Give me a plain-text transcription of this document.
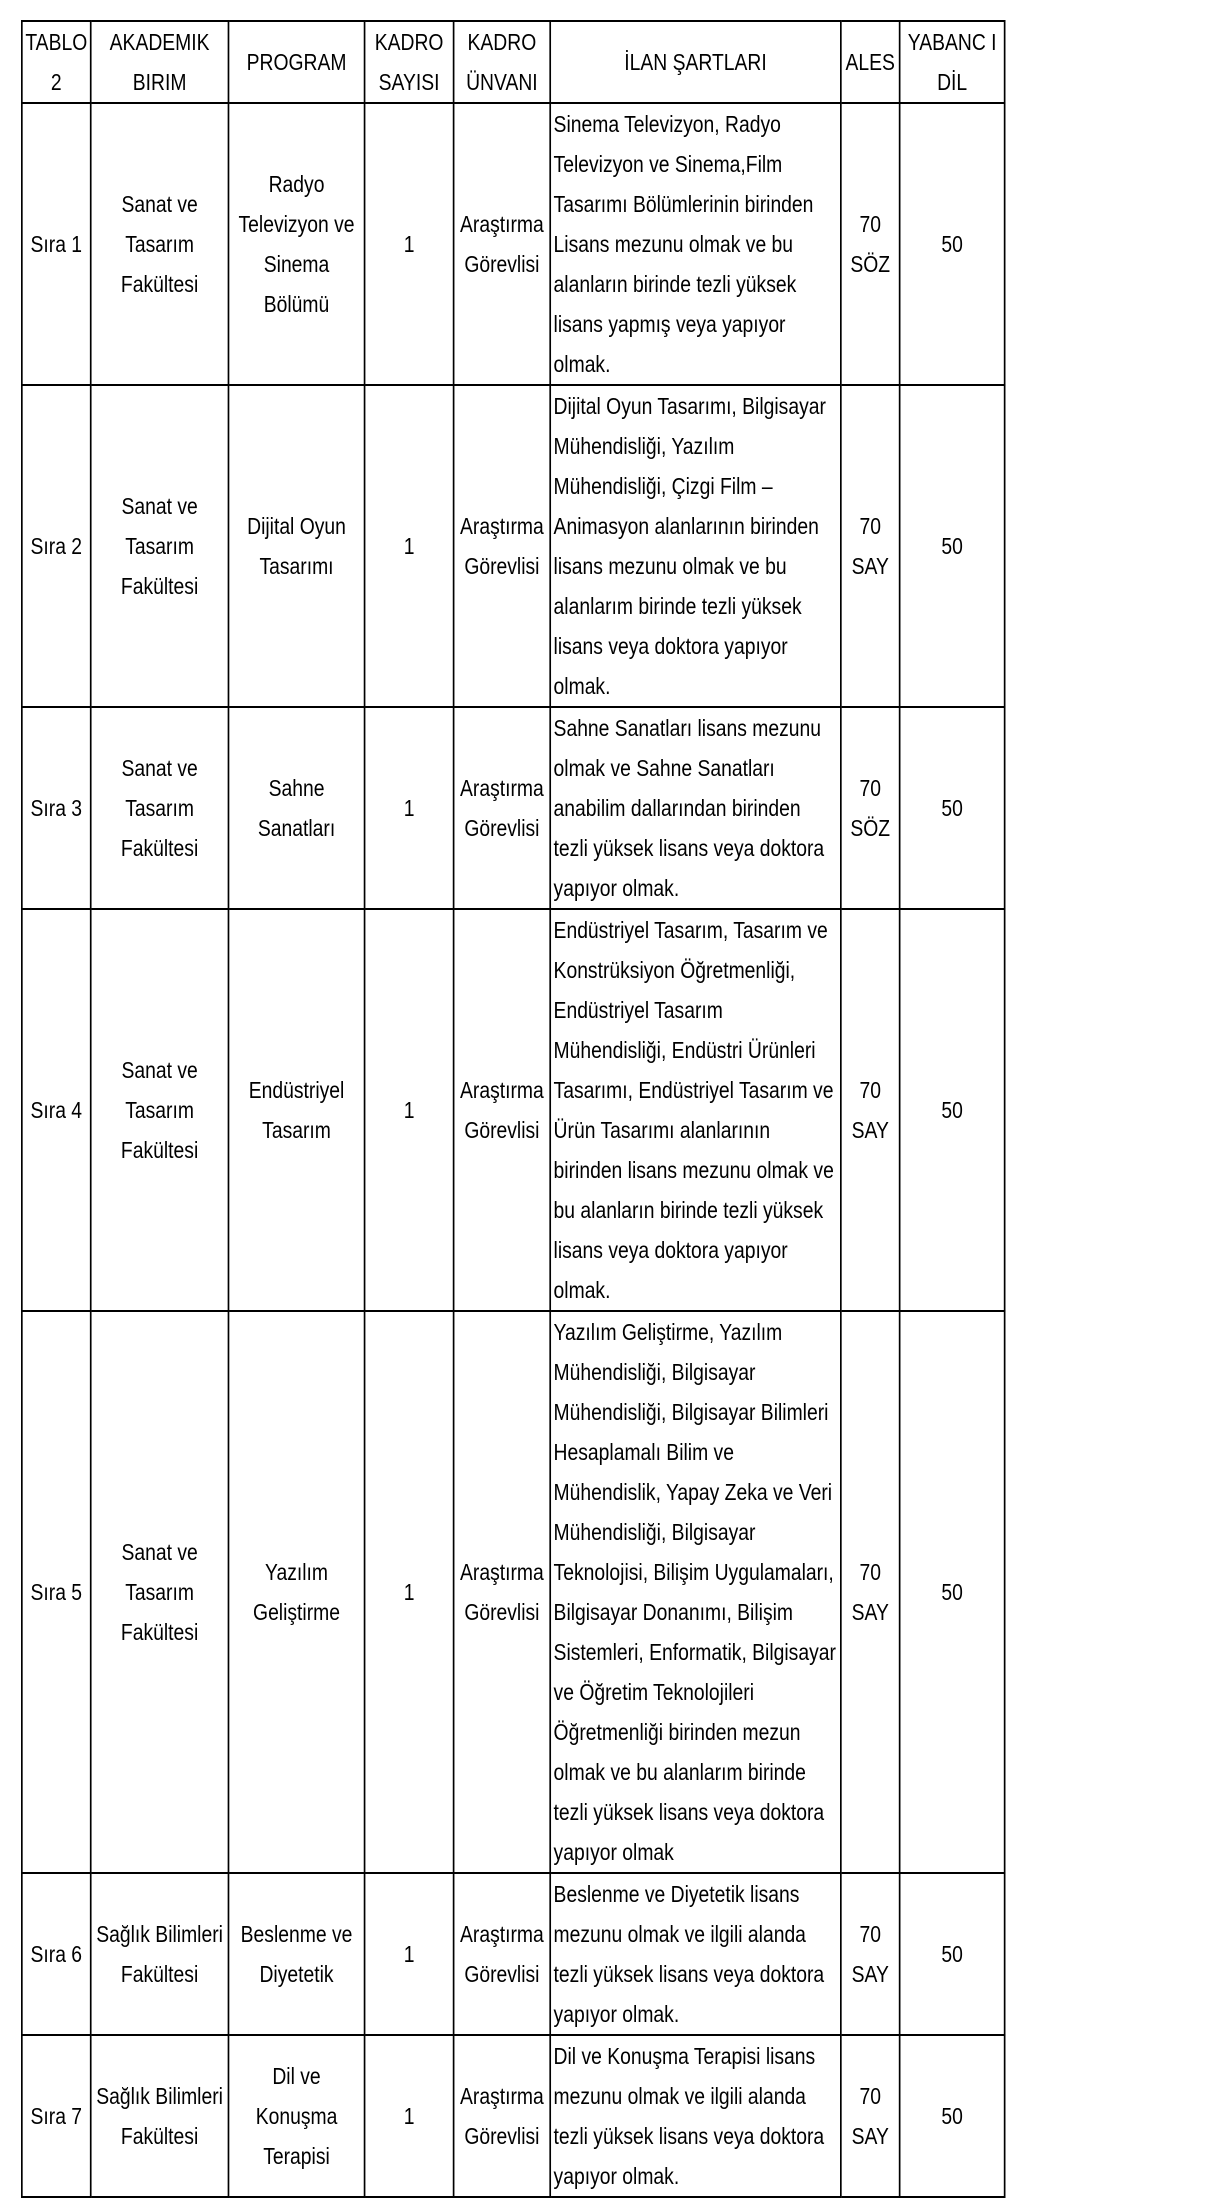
TABLO 2	AKADEMIK BIRIM	PROGRAM	KADRO SAYISI	KADRO ÜNVANI	İLAN ŞARTLARI	ALES	YABANC I DİL
Sıra 1	Sanat ve Tasarım Fakültesi	Radyo Televizyon ve Sinema Bölümü	1	Araştırma Görevlisi	Sinema Televizyon, Radyo Televizyon ve Sinema,Film Tasarımı Bölümlerinin birinden Lisans mezunu olmak ve bu alanların birinde tezli yüksek lisans yapmış veya yapıyor olmak.	70 SÖZ	50
Sıra 2	Sanat ve Tasarım Fakültesi	Dijital Oyun Tasarımı	1	Araştırma Görevlisi	Dijital Oyun Tasarımı, Bilgisayar Mühendisliği, Yazılım Mühendisliği, Çizgi Film – Animasyon alanlarının birinden lisans mezunu olmak ve bu alanlarım birinde tezli yüksek lisans veya doktora yapıyor olmak.	70 SAY	50
Sıra 3	Sanat ve Tasarım Fakültesi	Sahne Sanatları	1	Araştırma Görevlisi	Sahne Sanatları lisans mezunu olmak ve Sahne Sanatları anabilim dallarından birinden tezli yüksek lisans veya doktora yapıyor olmak.	70 SÖZ	50
Sıra 4	Sanat ve Tasarım Fakültesi	Endüstriyel Tasarım	1	Araştırma Görevlisi	Endüstriyel Tasarım, Tasarım ve Konstrüksiyon Öğretmenliği, Endüstriyel Tasarım Mühendisliği, Endüstri Ürünleri Tasarımı, Endüstriyel Tasarım ve Ürün Tasarımı alanlarının birinden lisans mezunu olmak ve bu alanların birinde tezli yüksek lisans veya doktora yapıyor olmak.	70 SAY	50
Sıra 5	Sanat ve Tasarım Fakültesi	Yazılım Geliştirme	1	Araştırma Görevlisi	Yazılım Geliştirme, Yazılım Mühendisliği, Bilgisayar Mühendisliği, Bilgisayar Bilimleri Hesaplamalı Bilim ve Mühendislik, Yapay Zeka ve Veri Mühendisliği, Bilgisayar Teknolojisi, Bilişim Uygulamaları, Bilgisayar Donanımı, Bilişim Sistemleri, Enformatik, Bilgisayar ve Öğretim Teknolojileri Öğretmenliği birinden mezun olmak ve bu alanlarım birinde tezli yüksek lisans veya doktora yapıyor olmak	70 SAY	50
Sıra 6	Sağlık Bilimleri Fakültesi	Beslenme ve Diyetetik	1	Araştırma Görevlisi	Beslenme ve Diyetetik lisans mezunu olmak ve ilgili alanda tezli yüksek lisans veya doktora yapıyor olmak.	70 SAY	50
Sıra 7	Sağlık Bilimleri Fakültesi	Dil ve Konuşma Terapisi	1	Araştırma Görevlisi	Dil ve Konuşma Terapisi lisans mezunu olmak ve ilgili alanda tezli yüksek lisans veya doktora yapıyor olmak.	70 SAY	50
